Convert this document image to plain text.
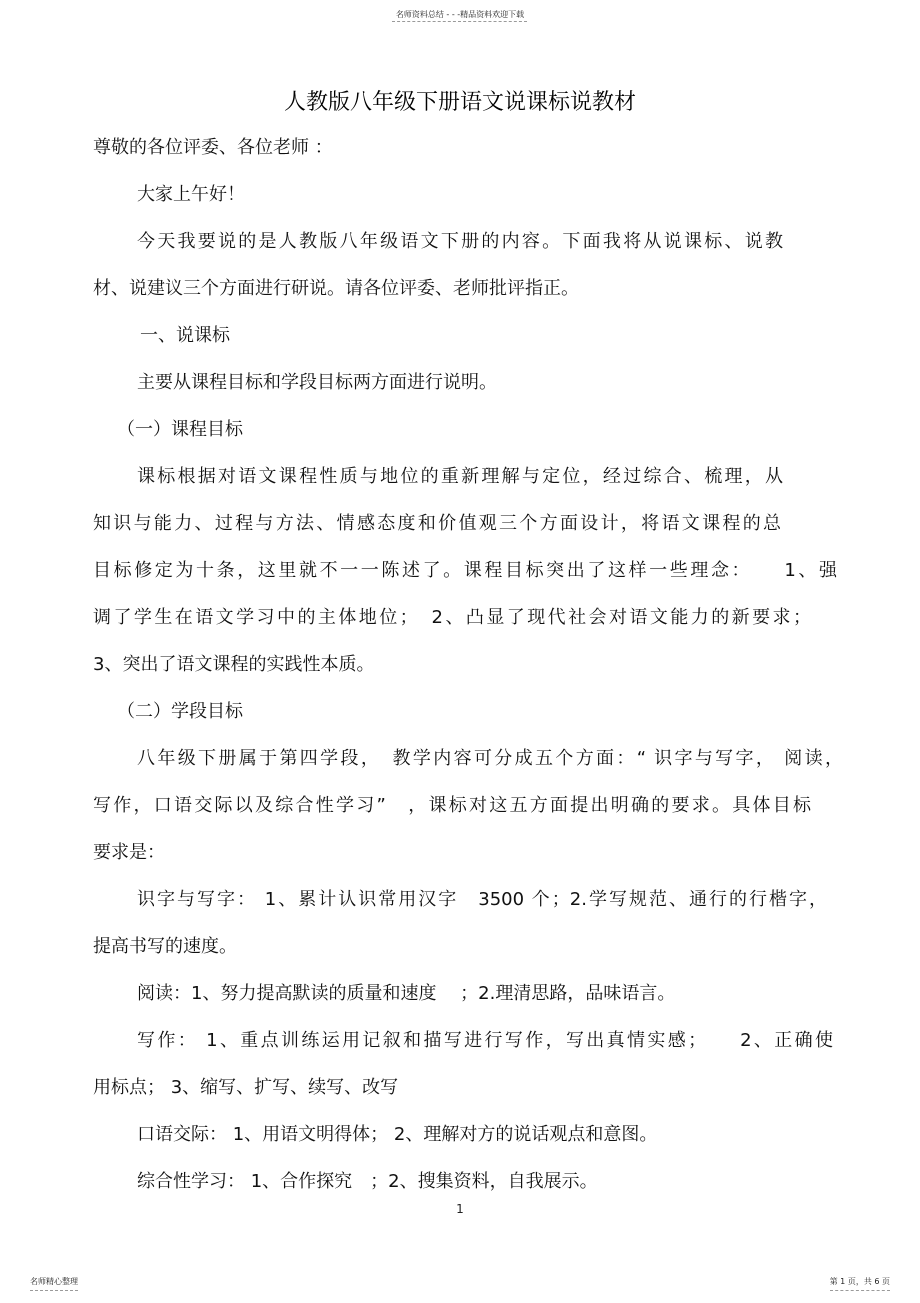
名师资料总结 - - -精品资料欢迎下载
人教版八年级下册语文说课标说教材
尊敬的各位评委、各位老师 ：
大家上午好！
今天我要说的是人教版八年级语文下册的内容。下面我将从说课标、说教
材、说建议三个方面进行研说。请各位评委、老师批评指正。
一、说课标
主要从课程目标和学段目标两方面进行说明。
（一）课程目标
课标根据对语文课程性质与地位的重新理解与定位，经过综合、梳理，从
知识与能力、过程与方法、情感态度和价值观三个方面设计，将语文课程的总
目标修定为十条，这里就不一一陈述了。课程目标突出了这样一些理念：　　1、强
调了学生在语文学习中的主体地位；　2、凸显了现代社会对语文能力的新要求；
3、突出了语文课程的实践性本质。
（二）学段目标
八年级下册属于第四学段，　教学内容可分成五个方面：“ 识字与写字， 阅读，
写作，口语交际以及综合性学习”　，课标对这五方面提出明确的要求。具体目标
要求是：
识字与写字： 1、累计认识常用汉字　3500 个；2.学写规范、通行的行楷字，
提高书写的速度。
阅读：1、努力提高默读的质量和速度　 ；2.理清思路，品味语言。
写作： 1、重点训练运用记叙和描写进行写作，写出真情实感；　　2、正确使
用标点； 3、缩写、扩写、续写、改写
口语交际： 1、用语文明得体； 2、理解对方的说话观点和意图。
综合性学习： 1、合作探究　；2、搜集资料，自我展示。
1
名师精心整理	第 1 页，共 6 页
